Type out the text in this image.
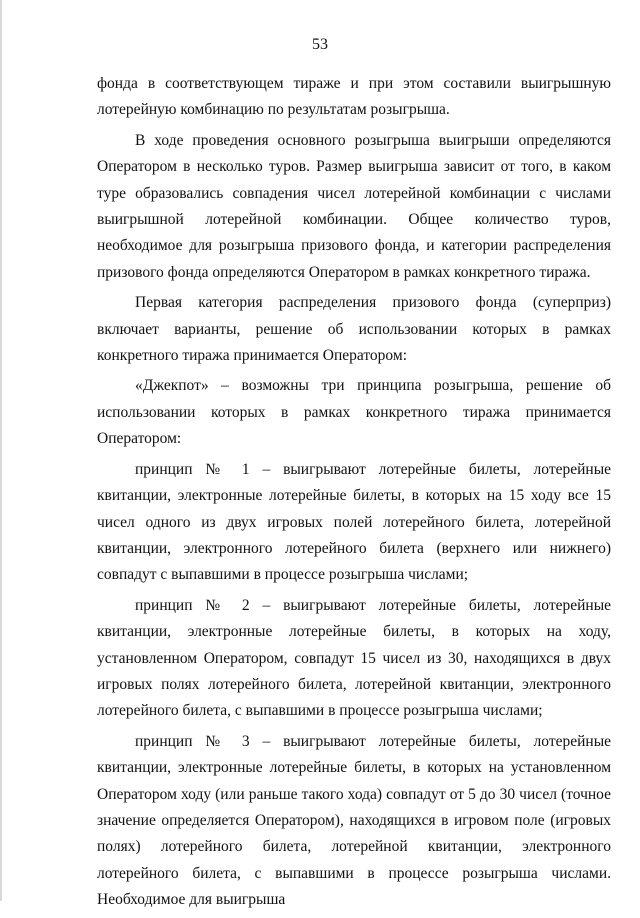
53

фонда в соответствующем тираже и при этом составили выигрышную лотерейную комбинацию по результатам розыгрыша.

В ходе проведения основного розыгрыша выигрыши определяются Оператором в несколько туров. Размер выигрыша зависит от того, в каком туре образовались совпадения чисел лотерейной комбинации с числами выигрышной лотерейной комбинации. Общее количество туров, необходимое для розыгрыша призового фонда, и категории распределения призового фонда определяются Оператором в рамках конкретного тиража.

Первая категория распределения призового фонда (суперприз) включает варианты, решение об использовании которых в рамках конкретного тиража принимается Оператором:

«Джекпот» – возможны три принципа розыгрыша, решение об использовании которых в рамках конкретного тиража принимается Оператором:

принцип № 1 – выигрывают лотерейные билеты, лотерейные квитанции, электронные лотерейные билеты, в которых на 15 ходу все 15 чисел одного из двух игровых полей лотерейного билета, лотерейной квитанции, электронного лотерейного билета (верхнего или нижнего) совпадут с выпавшими в процессе розыгрыша числами;

принцип № 2 – выигрывают лотерейные билеты, лотерейные квитанции, электронные лотерейные билеты, в которых на ходу, установленном Оператором, совпадут 15 чисел из 30, находящихся в двух игровых полях лотерейного билета, лотерейной квитанции, электронного лотерейного билета, с выпавшими в процессе розыгрыша числами;

принцип № 3 – выигрывают лотерейные билеты, лотерейные квитанции, электронные лотерейные билеты, в которых на установленном Оператором ходу (или раньше такого хода) совпадут от 5 до 30 чисел (точное значение определяется Оператором), находящихся в игровом поле (игровых полях) лотерейного билета, лотерейной квитанции, электронного лотерейного билета, с выпавшими в процессе розыгрыша числами. Необходимое для выигрыша
